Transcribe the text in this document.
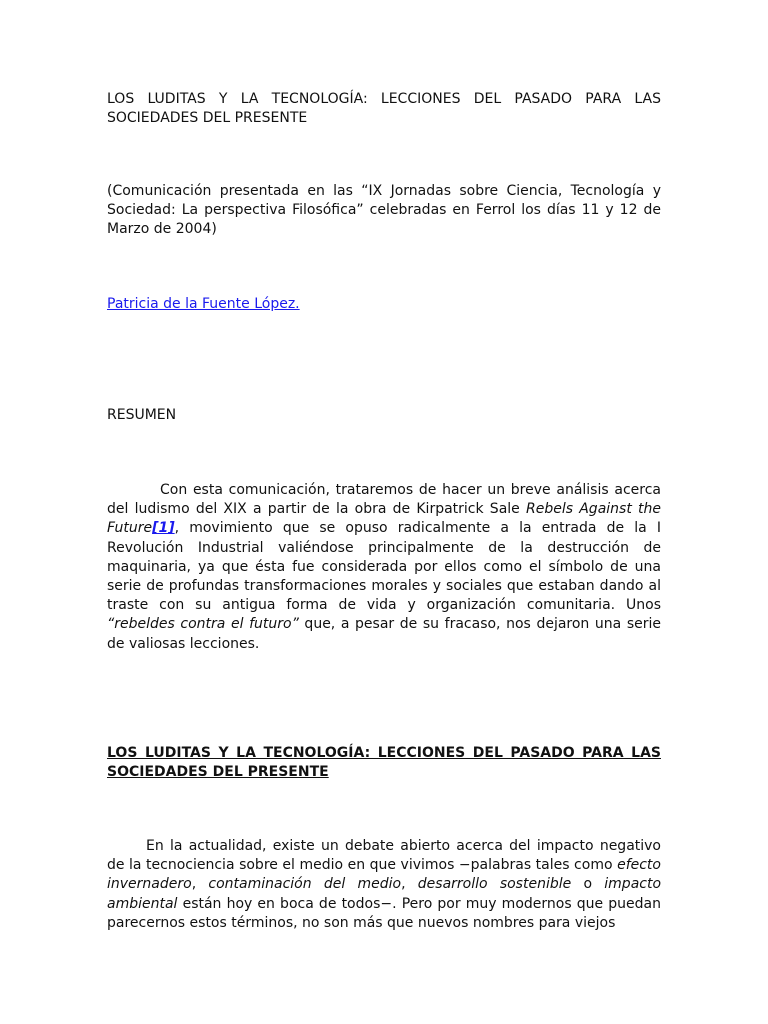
LOS LUDITAS Y LA TECNOLOGÍA: LECCIONES DEL PASADO PARA LAS SOCIEDADES DEL PRESENTE

(Comunicación presentada en las “IX Jornadas sobre Ciencia, Tecnología y Sociedad: La perspectiva Filosófica” celebradas en Ferrol los días 11 y 12 de Marzo de 2004)

Patricia de la Fuente López.

RESUMEN

Con esta comunicación, trataremos de hacer un breve análisis acerca del ludismo del XIX a partir de la obra de Kirpatrick Sale Rebels Against the Future[1], movimiento que se opuso radicalmente a la entrada de la I Revolución Industrial valiéndose principalmente de la destrucción de maquinaria, ya que ésta fue considerada por ellos como el símbolo de una serie de profundas transformaciones morales y sociales que estaban dando al traste con su antigua forma de vida y organización comunitaria. Unos “rebeldes contra el futuro” que, a pesar de su fracaso, nos dejaron una serie de valiosas lecciones.

LOS LUDITAS Y LA TECNOLOGÍA: LECCIONES DEL PASADO PARA LAS SOCIEDADES DEL PRESENTE

En la actualidad, existe un debate abierto acerca del impacto negativo de la tecnociencia sobre el medio en que vivimos −palabras tales como efecto invernadero, contaminación del medio, desarrollo sostenible o impacto ambiental están hoy en boca de todos−. Pero por muy modernos que puedan parecernos estos términos, no son más que nuevos nombres para viejos
